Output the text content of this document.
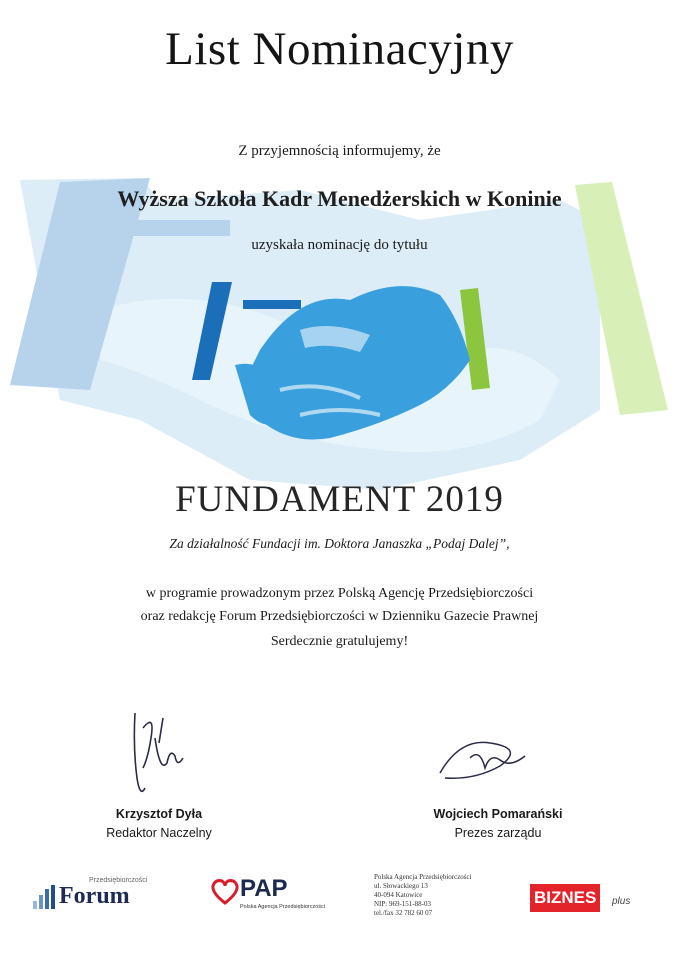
List Nominacyjny
Z przyjemnością informujemy, że
Wyższa Szkoła Kadr Menedżerskich w Koninie
uzyskała nominację do tytułu
FUNDAMENT 2019
Za działalność Fundacji im. Doktora Janaszka „Podaj Dalej”,
w programie prowadzonym przez Polską Agencję Przedsiębiorczości
oraz redakcję Forum Przedsiębiorczości w Dzienniku Gazecie Prawnej
Serdecznie gratulujemy!
Krzysztof Dyła
Redaktor Naczelny
Wojciech Pomarański
Prezes zarządu
Przedsiębiorczości
Forum	PAP
Polska Agencja Przedsiębiorczości
Polska Agencja Przedsiębiorczości
ul. Słowackiego 13
40-094 Katowice
NIP: 969-151-88-03
tel./fax 32 782 60 07
BIZNES	plus
